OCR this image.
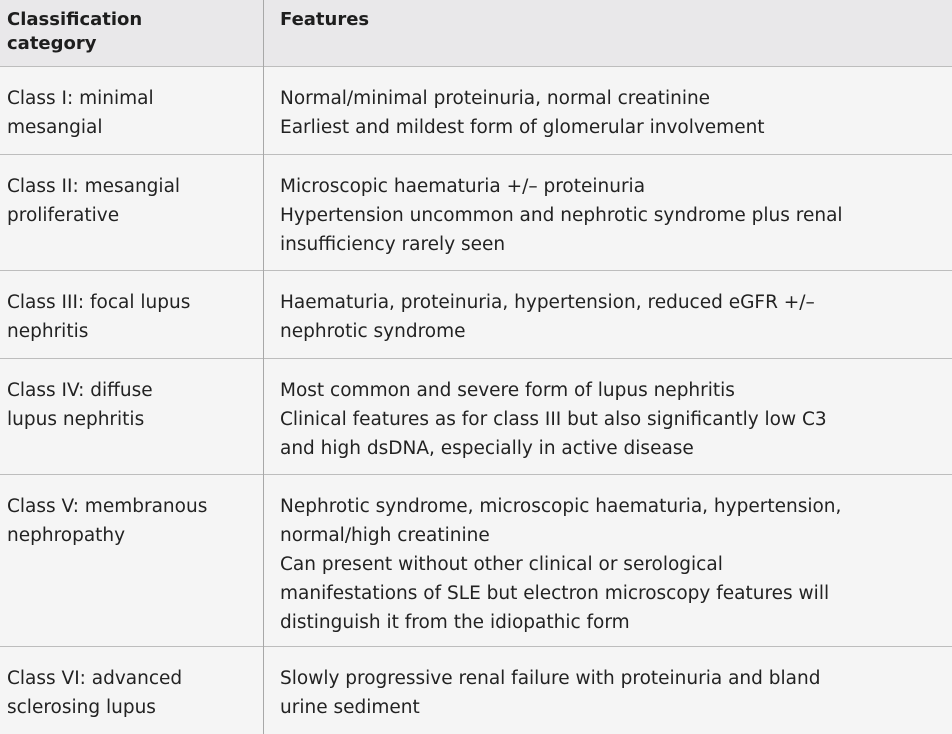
Classification
category
Features
Class I: minimal
mesangial
Normal/minimal proteinuria, normal creatinine
Earliest and mildest form of glomerular involvement
Class II: mesangial
proliferative
Microscopic haematuria +/– proteinuria
Hypertension uncommon and nephrotic syndrome plus renal
insufficiency rarely seen
Class III: focal lupus
nephritis
Haematuria, proteinuria, hypertension, reduced eGFR +/–
nephrotic syndrome
Class IV: diffuse
lupus nephritis
Most common and severe form of lupus nephritis
Clinical features as for class III but also significantly low C3
and high dsDNA, especially in active disease
Class V: membranous
nephropathy
Nephrotic syndrome, microscopic haematuria, hypertension,
normal/high creatinine
Can present without other clinical or serological
manifestations of SLE but electron microscopy features will
distinguish it from the idiopathic form
Class VI: advanced
sclerosing lupus
Slowly progressive renal failure with proteinuria and bland
urine sediment
